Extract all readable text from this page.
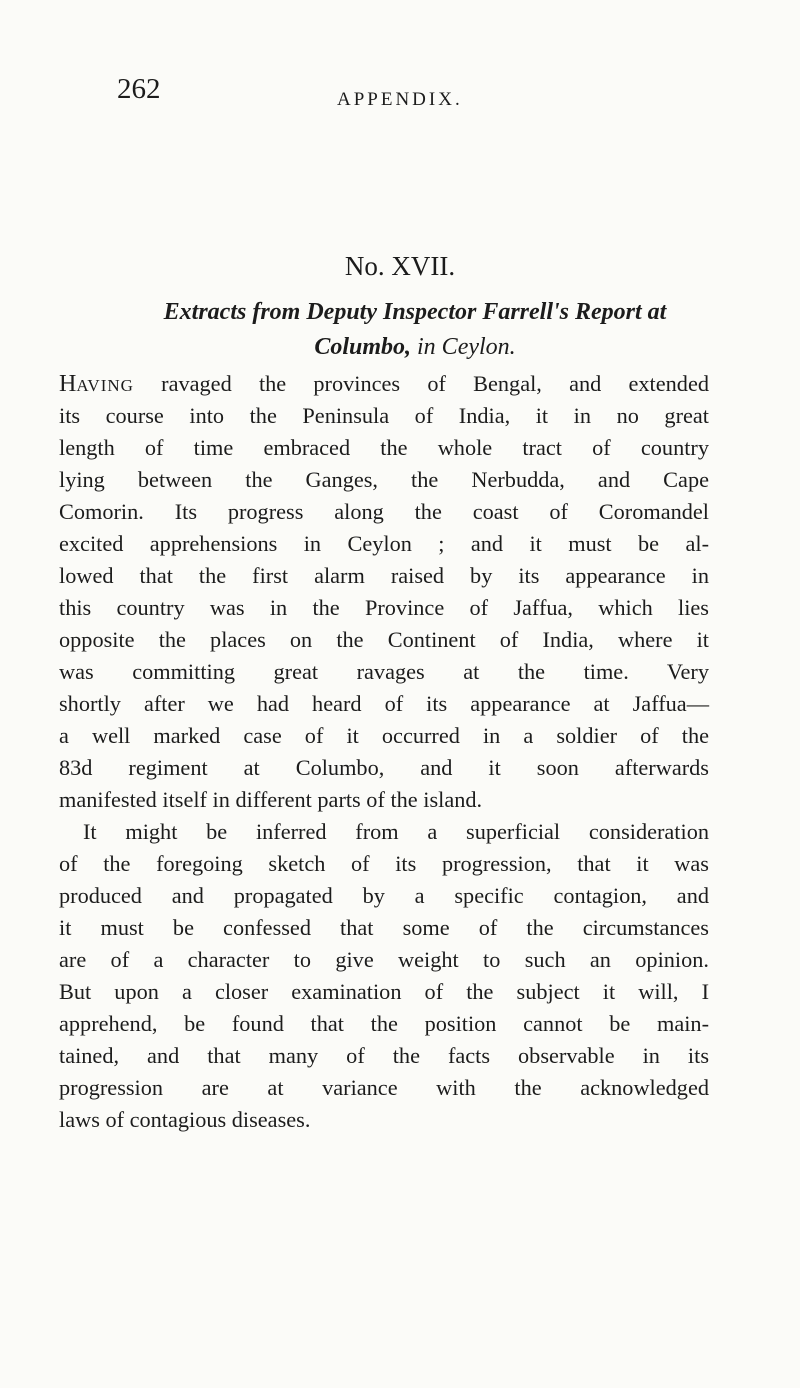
262	APPENDIX.
No. XVII.
Extracts from Deputy Inspector Farrell's Report at
Columbo, in Ceylon.
HAVING ravaged the provinces of Bengal, and extended
its course into the Peninsula of India, it in no great
length of time embraced the whole tract of country
lying between the Ganges, the Nerbudda, and Cape
Comorin. Its progress along the coast of Coromandel
excited apprehensions in Ceylon ; and it must be al-
lowed that the first alarm raised by its appearance in
this country was in the Province of Jaffua, which lies
opposite the places on the Continent of India, where it
was committing great ravages at the time. Very
shortly after we had heard of its appearance at Jaffua—
a well marked case of it occurred in a soldier of the
83d regiment at Columbo, and it soon afterwards
manifested itself in different parts of the island.
It might be inferred from a superficial consideration
of the foregoing sketch of its progression, that it was
produced and propagated by a specific contagion, and
it must be confessed that some of the circumstances
are of a character to give weight to such an opinion.
But upon a closer examination of the subject it will, I
apprehend, be found that the position cannot be main-
tained, and that many of the facts observable in its
progression are at variance with the acknowledged
laws of contagious diseases.
